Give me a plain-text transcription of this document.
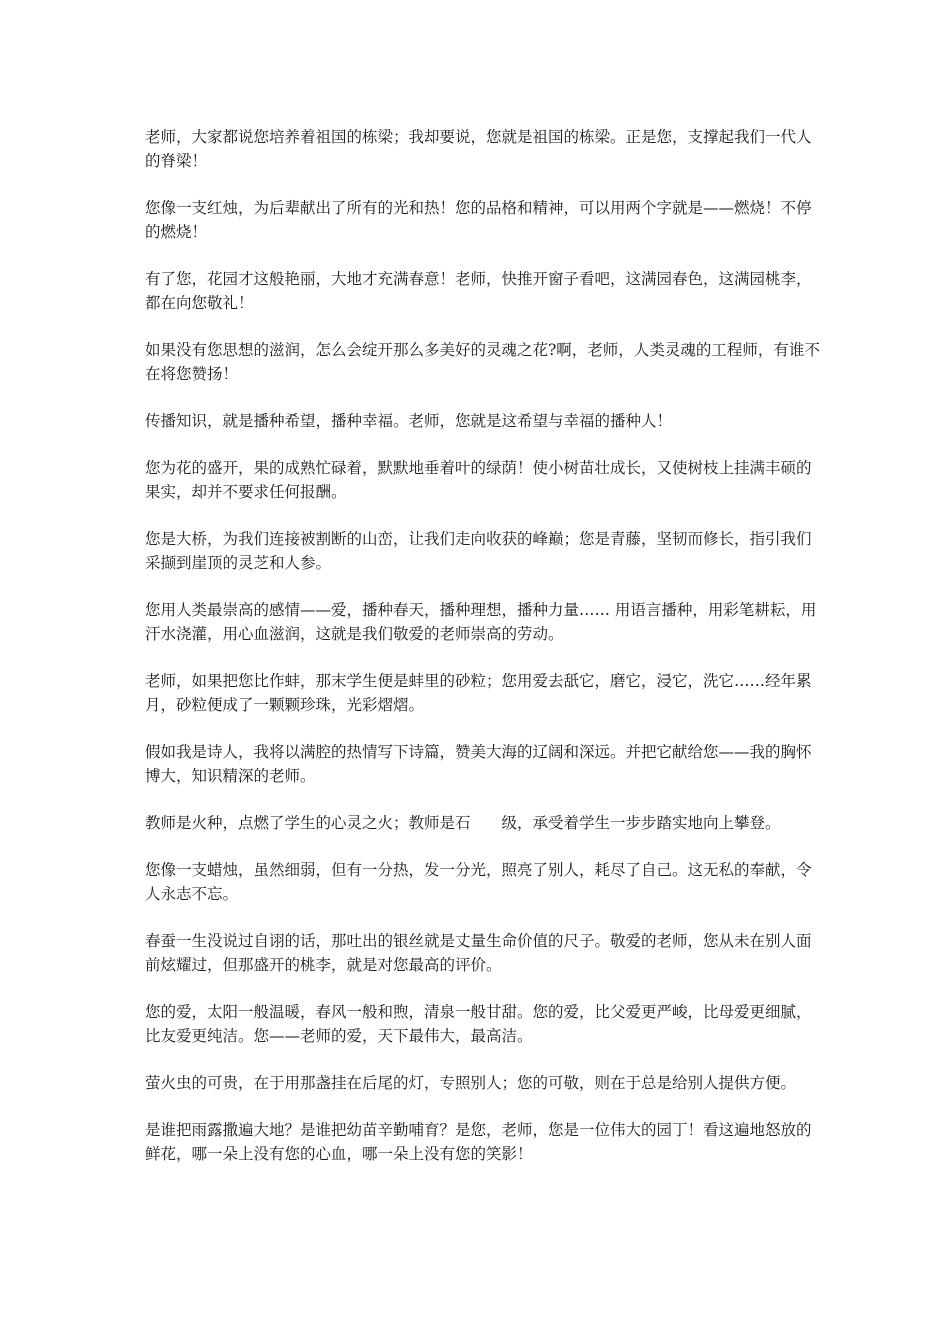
老师，大家都说您培养着祖国的栋梁；我却要说，您就是祖国的栋梁。正是您，支撑起我们一代人的脊梁！

您像一支红烛，为后辈献出了所有的光和热！您的品格和精神，可以用两个字就是——燃烧！不停的燃烧！

有了您，花园才这般艳丽，大地才充满春意！老师，快推开窗子看吧，这满园春色，这满园桃李，都在向您敬礼！

如果没有您思想的滋润，怎么会绽开那么多美好的灵魂之花?啊，老师，人类灵魂的工程师，有谁不在将您赞扬！

传播知识，就是播种希望，播种幸福。老师，您就是这希望与幸福的播种人！

您为花的盛开，果的成熟忙碌着，默默地垂着叶的绿荫！使小树苗壮成长，又使树枝上挂满丰硕的果实，却并不要求任何报酬。

您是大桥，为我们连接被割断的山峦，让我们走向收获的峰巅；您是青藤，坚韧而修长，指引我们采撷到崖顶的灵芝和人参。

您用人类最崇高的感情——爱，播种春天，播种理想，播种力量…… 用语言播种，用彩笔耕耘，用汗水浇灌，用心血滋润，这就是我们敬爱的老师崇高的劳动。

老师，如果把您比作蚌，那末学生便是蚌里的砂粒；您用爱去舐它，磨它，浸它，洗它……经年累月，砂粒便成了一颗颗珍珠，光彩熠熠。

假如我是诗人，我将以满腔的热情写下诗篇，赞美大海的辽阔和深远。并把它献给您——我的胸怀博大，知识精深的老师。

教师是火种，点燃了学生的心灵之火；教师是石　　级，承受着学生一步步踏实地向上攀登。

您像一支蜡烛，虽然细弱，但有一分热，发一分光，照亮了别人，耗尽了自己。这无私的奉献，令人永志不忘。

春蚕一生没说过自诩的话，那吐出的银丝就是丈量生命价值的尺子。敬爱的老师，您从未在别人面前炫耀过，但那盛开的桃李，就是对您最高的评价。

您的爱，太阳一般温暖，春风一般和煦，清泉一般甘甜。您的爱，比父爱更严峻，比母爱更细腻，比友爱更纯洁。您——老师的爱，天下最伟大，最高洁。

萤火虫的可贵，在于用那盏挂在后尾的灯，专照别人；您的可敬，则在于总是给别人提供方便。

是谁把雨露撒遍大地？是谁把幼苗辛勤哺育？是您，老师，您是一位伟大的园丁！看这遍地怒放的鲜花，哪一朵上没有您的心血，哪一朵上没有您的笑影！
